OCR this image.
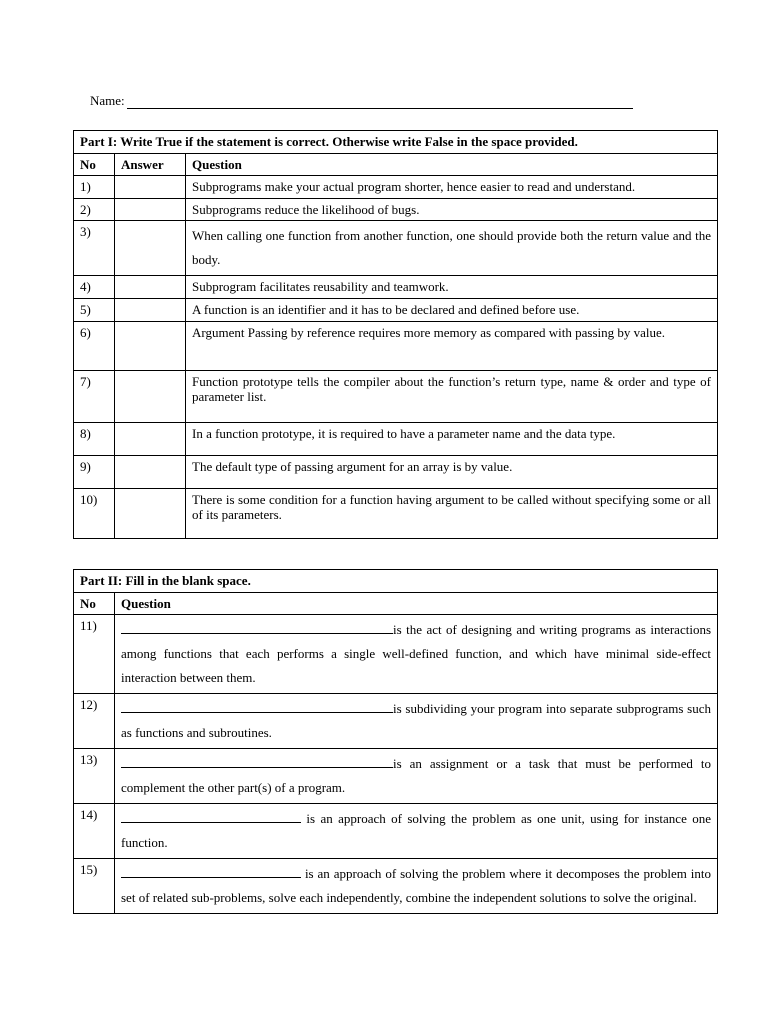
Name:
Part I: Write True if the statement is correct. Otherwise write False in the space provided.		
No	Answer	Question
1)		Subprograms make your actual program shorter, hence easier to read and understand.
2)		Subprograms reduce the likelihood of bugs.
3)		When calling one function from another function, one should provide both the return value and the body.
4)		Subprogram facilitates reusability and teamwork.
5)		A function is an identifier and it has to be declared and defined before use.
6)		Argument Passing by reference requires more memory as compared with passing by value.
7)		Function prototype tells the compiler about the function’s return type, name & order and type of parameter list.
8)		In a function prototype, it is required to have a parameter name and the data type.
9)		The default type of passing argument for an array is by value.
10)		There is some condition for a function having argument to be called without specifying some or all of its parameters.
Part II: Fill in the blank space.	
No	Question
11)	is the act of designing and writing programs as interactions among functions that each performs a single well-defined function, and which have minimal side-effect interaction between them.
12)	is subdividing your program into separate subprograms such as functions and subroutines.
13)	is an assignment or a task that must be performed to complement the other part(s) of a program.
14)	is an approach of solving the problem as one unit, using for instance one function.
15)	is an approach of solving the problem where it decomposes the problem into set of related sub-problems, solve each independently, combine the independent solutions to solve the original.
